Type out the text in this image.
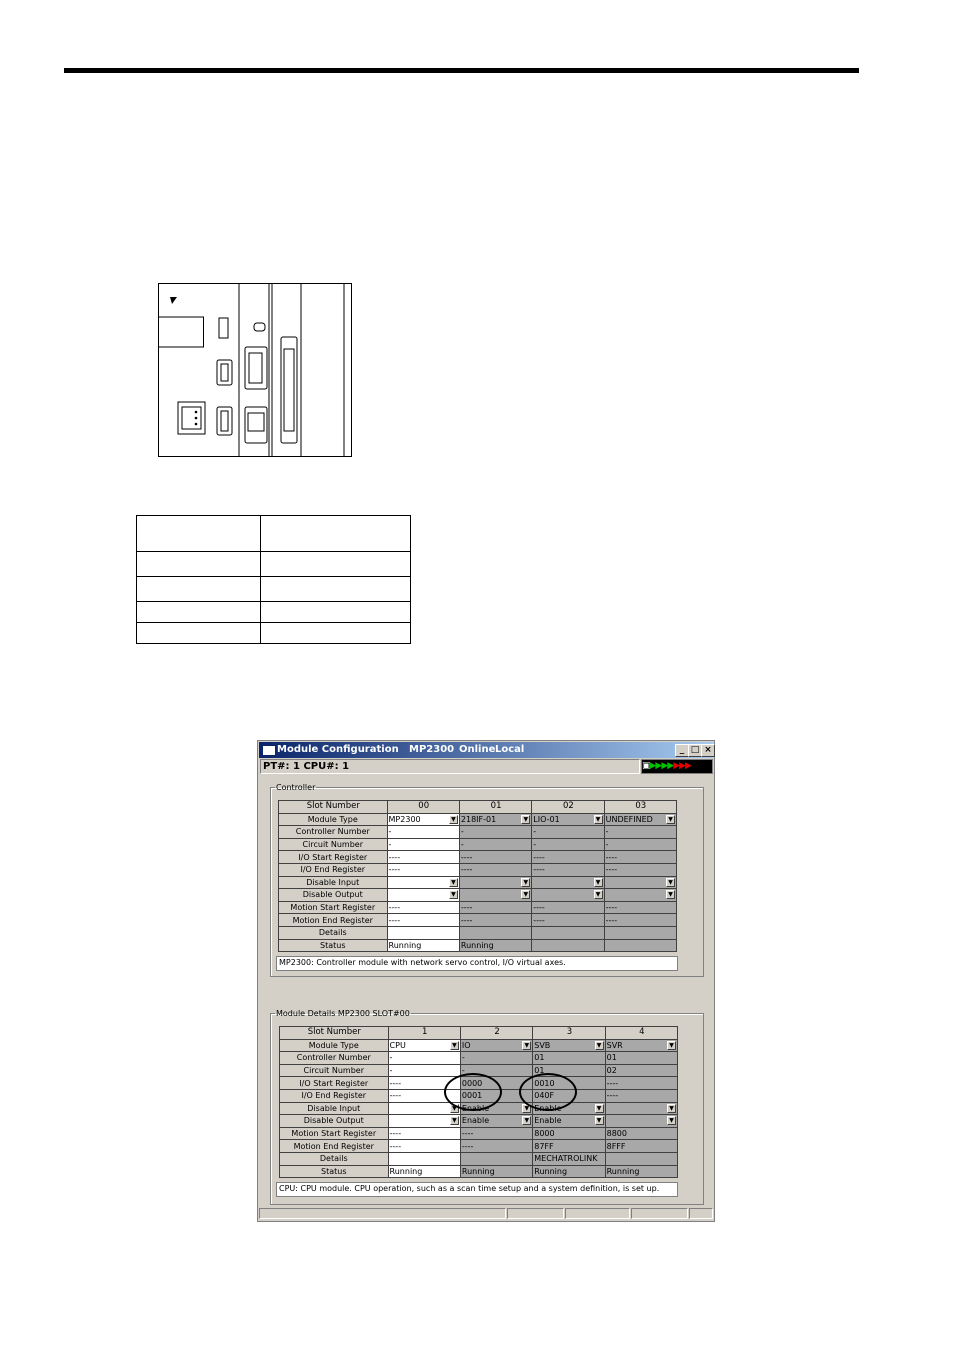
Module Configuration MP2300 Online Local	_ □ ×
PT#: 1 CPU#: 1	▣▶▶▶▶▶▶▶
Controller
Slot Number	00	01	02	03
Module Type	MP2300 ▼	218IF-01 ▼	LIO-01 ▼	UNDEFINED ▼

Controller Number	-	-	-	-
Circuit Number	-	-	-	-
I/O Start Register	----	----	----	----
I/O End Register	----	----	----	----
Disable Input	▼	▼	▼	▼

Disable Output	▼	▼	▼	▼

Motion Start Register	----	----	----	----
Motion End Register	----	----	----	----
Details				
Status	Running	Running		
MP2300: Controller module with network servo control, I/O virtual axes.
Module Details MP2300 SLOT#00
Slot Number	1	2	3	4
Module Type	CPU ▼	IO ▼	SVB ▼	SVR ▼

Controller Number	-	-	01	01
Circuit Number	-	-	01	02
I/O Start Register	----	0000	0010	----
I/O End Register	----	0001	040F	----
Disable Input	▼	Enable ▼	Enable ▼	▼

Disable Output	▼	Enable ▼	Enable ▼	▼

Motion Start Register	----	----	8000	8800
Motion End Register	----	----	87FF	8FFF
Details			MECHATROLINK	
Status	Running	Running	Running	Running
CPU: CPU module. CPU operation, such as a scan time setup and a system definition, is set up.
